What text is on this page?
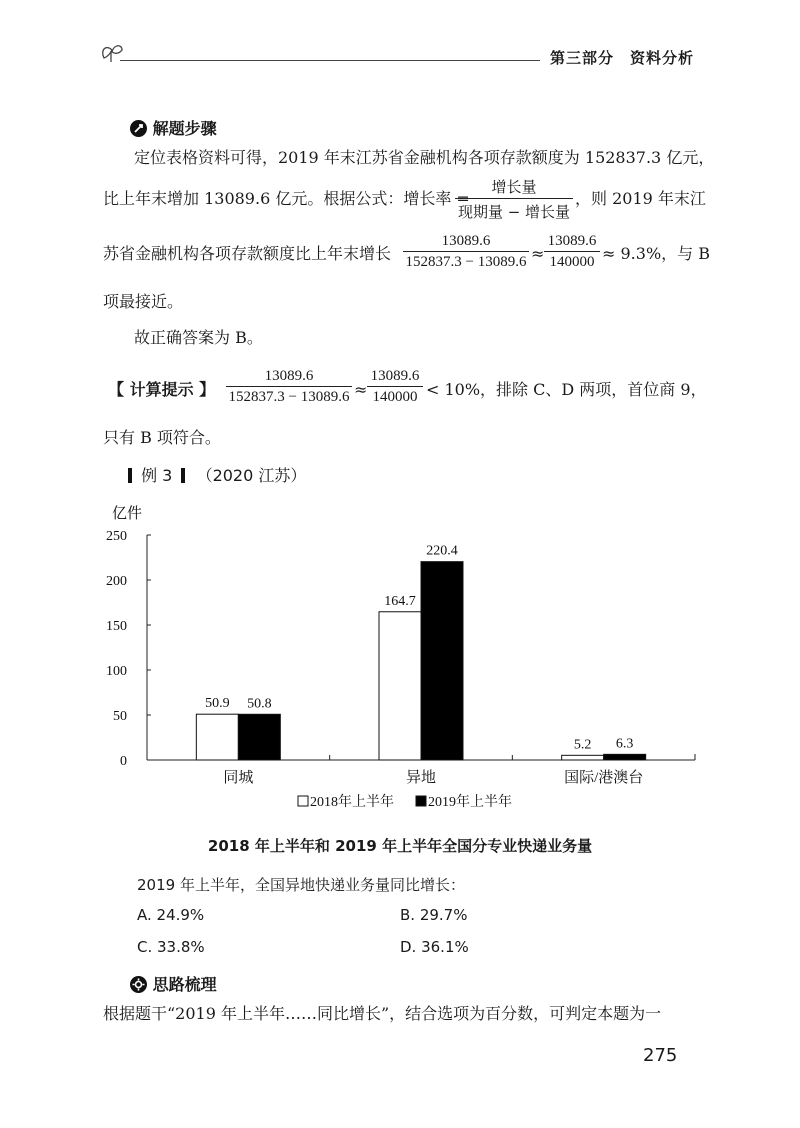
第三部分　资料分析
解题步骤
定位表格资料可得，2019 年末江苏省金融机构各项存款额度为 152837.3 亿元，
比上年末增加 13089.6 亿元。根据公式：增长率 =
增长量
现期量 − 增长量
，则 2019 年末江
苏省金融机构各项存款额度比上年末增长 $\frac{13089.6}{152837.3 - 13089.6} \approx \frac{13089.6}{140000} \approx 9.3\%$，与 B
项最接近。
故正确答案为 B。
【 计算提示 】 $\frac{13089.6}{152837.3 - 13089.6} \approx \frac{13089.6}{140000} < 10\%$，排除 C、D 两项，首位商 9，
只有 B 项符合。
例 3 （2020 江苏）
亿件
0
50
100
150
200
250
50.9 50.8
同城
164.7
220.4
异地
5.2 6.3
国际/港澳台
2018年上半年 2019年上半年
2018 年上半年和 2019 年上半年全国分专业快递业务量
2019 年上半年，全国异地快递业务量同比增长：
A. 24.9%	B. 29.7%
C. 33.8%	D. 36.1%
思路梳理
根据题干“2019 年上半年……同比增长”，结合选项为百分数，可判定本题为一
275
